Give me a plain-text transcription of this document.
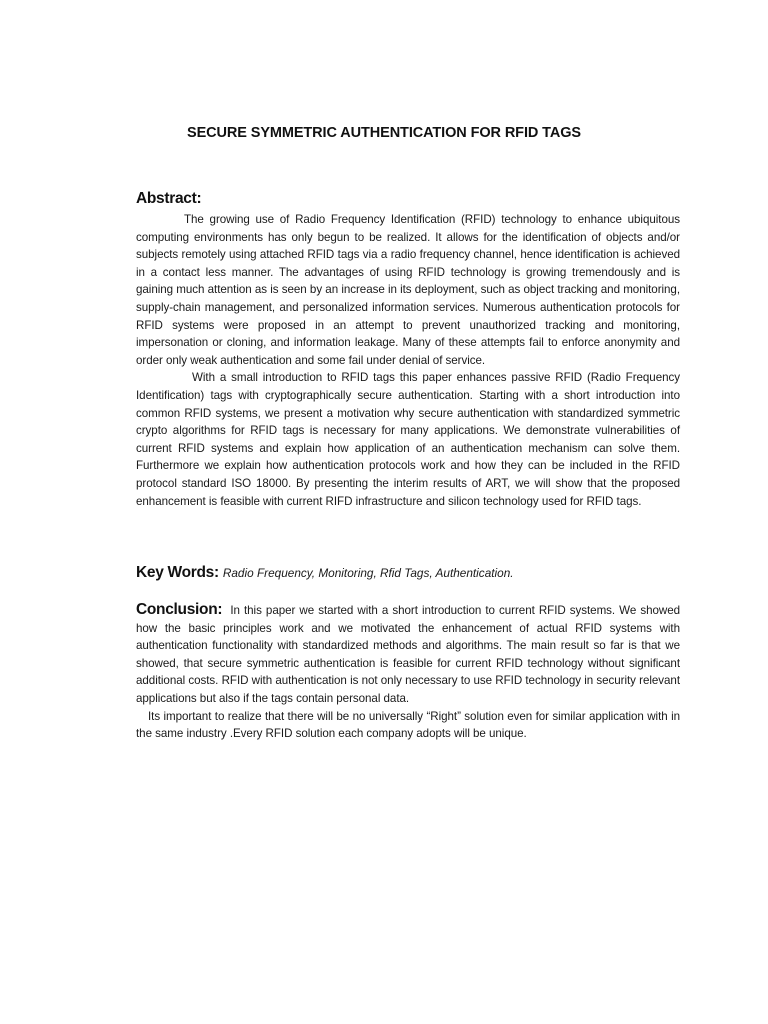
SECURE SYMMETRIC AUTHENTICATION FOR RFID TAGS
Abstract:

The growing use of Radio Frequency Identification (RFID) technology to enhance ubiquitous computing environments has only begun to be realized. It allows for the identification of objects and/or subjects remotely using attached RFID tags via a radio frequency channel, hence identification is achieved in a contact less manner. The advantages of using RFID technology is growing tremendously and is gaining much attention as is seen by an increase in its deployment, such as object tracking and monitoring, supply-chain management, and personalized information services. Numerous authentication protocols for RFID systems were proposed in an attempt to prevent unauthorized tracking and monitoring, impersonation or cloning, and information leakage. Many of these attempts fail to enforce anonymity and order only weak authentication and some fail under denial of service.

With a small introduction to RFID tags this paper enhances passive RFID (Radio Frequency Identification) tags with cryptographically secure authentication. Starting with a short introduction into common RFID systems, we present a motivation why secure authentication with standardized symmetric crypto algorithms for RFID tags is necessary for many applications. We demonstrate vulnerabilities of current RFID systems and explain how application of an authentication mechanism can solve them. Furthermore we explain how authentication protocols work and how they can be included in the RFID protocol standard ISO 18000. By presenting the interim results of ART, we will show that the proposed enhancement is feasible with current RIFD infrastructure and silicon technology used for RFID tags.

Key Words: Radio Frequency, Monitoring, Rfid Tags, Authentication.

Conclusion: In this paper we started with a short introduction to current RFID systems. We showed how the basic principles work and we motivated the enhancement of actual RFID systems with authentication functionality with standardized methods and algorithms. The main result so far is that we showed, that secure symmetric authentication is feasible for current RFID technology without significant additional costs. RFID with authentication is not only necessary to use RFID technology in security relevant applications but also if the tags contain personal data.

Its important to realize that there will be no universally “Right” solution even for similar application with in the same industry .Every RFID solution each company adopts will be unique.
